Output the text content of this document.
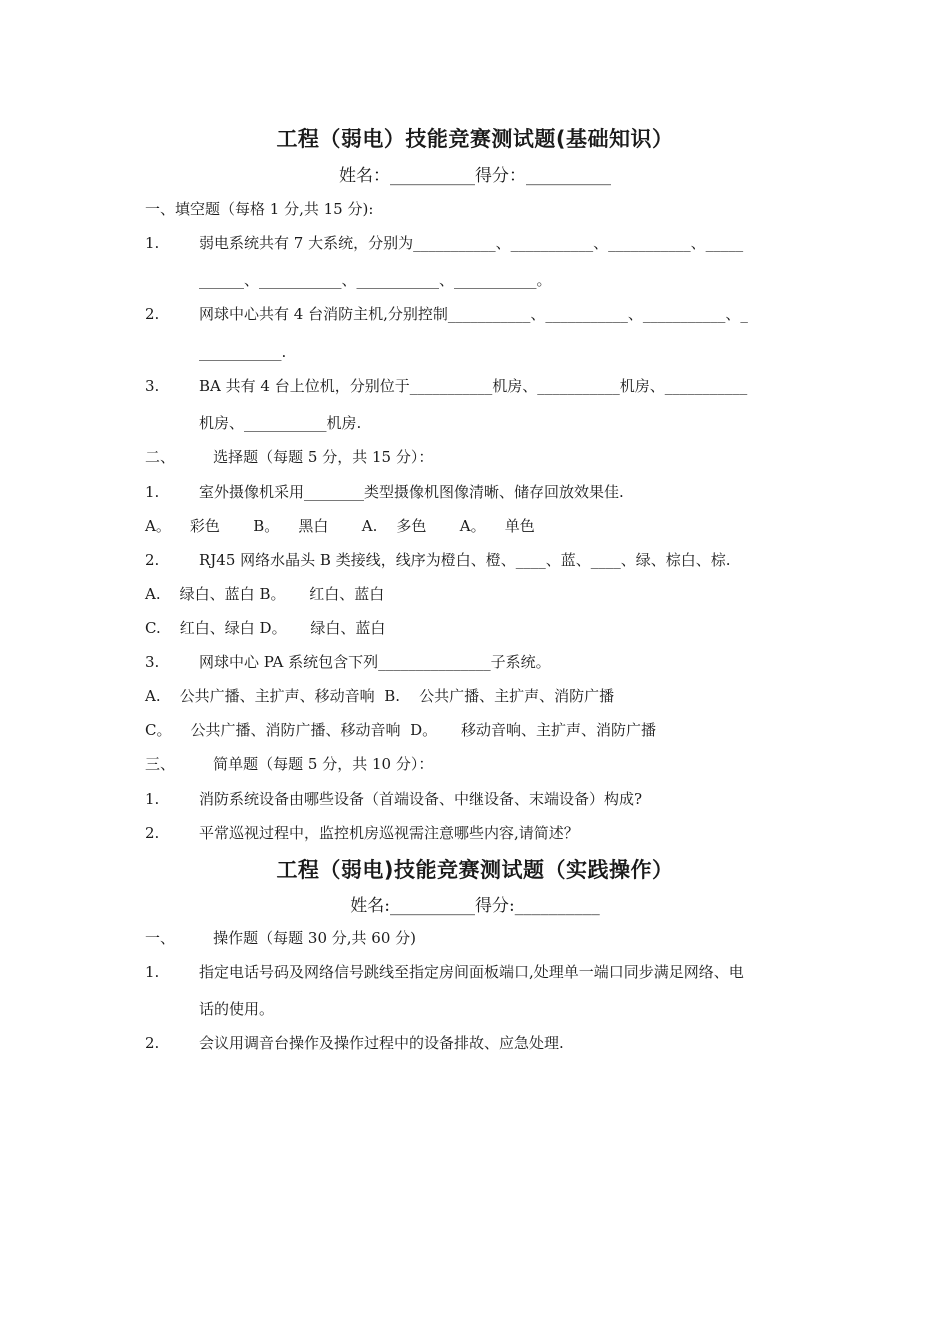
工程（弱电）技能竞赛测试题(基础知识）
姓名：__________得分：__________
一、填空题（每格 1 分,共 15 分):
1.	弱电系统共有 7 大系统，分别为___________、___________、___________、_____
______、___________、___________、___________。
2.	网球中心共有 4 台消防主机,分别控制___________、___________、___________、_
___________.
3.	BA 共有 4 台上位机，分别位于___________机房、___________机房、___________
机房、___________机房.
二、        选择题（每题 5 分，共 15 分）：
1.	室外摄像机采用________类型摄像机图像清晰、储存回放效果佳.
A。    彩色       B。    黑白       A.    多色       A。    单色
2.	RJ45 网络水晶头 B 类接线，线序为橙白、橙、____、蓝、____、绿、棕白、棕.
A.    绿白、蓝白 B。     红白、蓝白
C.    红白、绿白 D。     绿白、蓝白
3.	网球中心 PA 系统包含下列_______________子系统。
A.    公共广播、主扩声、移动音响  B.    公共广播、主扩声、消防广播
C。    公共广播、消防广播、移动音响  D。     移动音响、主扩声、消防广播
三、        简单题（每题 5 分，共 10 分）：
1.	消防系统设备由哪些设备（首端设备、中继设备、末端设备）构成?
2.	平常巡视过程中，监控机房巡视需注意哪些内容,请简述？
工程（弱电)技能竞赛测试题（实践操作）
姓名:__________得分:__________
一、        操作题（每题 30 分,共 60 分)
1.	指定电话号码及网络信号跳线至指定房间面板端口,处理单一端口同步满足网络、电
话的使用。
2.	会议用调音台操作及操作过程中的设备排故、应急处理.
